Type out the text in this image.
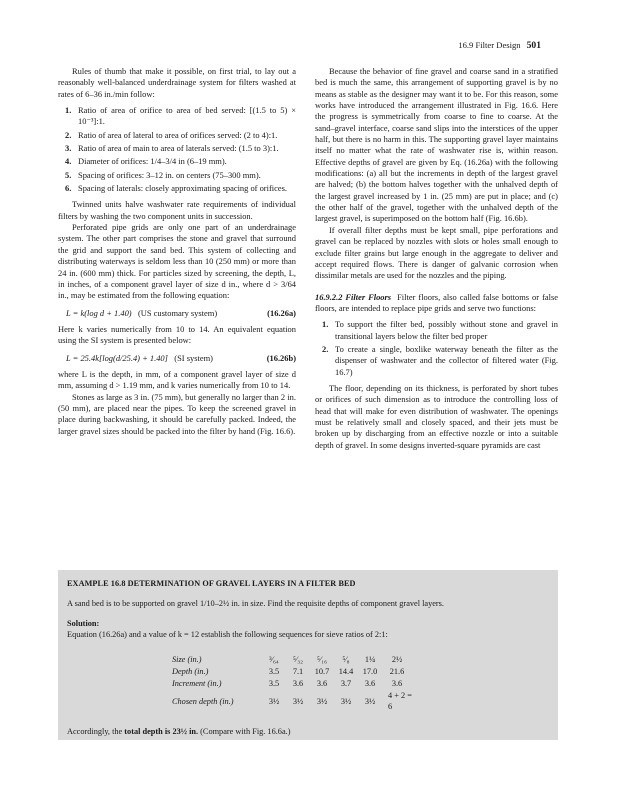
16.9 Filter Design 501

Rules of thumb that make it possible, on first trial, to lay out a reasonably well-balanced underdrainage system for filters washed at rates of 6–36 in./min follow:

1. Ratio of area of orifice to area of bed served: [(1.5 to 5) × 10⁻³]:1.
2. Ratio of area of lateral to area of orifices served: (2 to 4):1.
3. Ratio of area of main to area of laterals served: (1.5 to 3):1.
4. Diameter of orifices: 1/4–3/4 in (6–19 mm).
5. Spacing of orifices: 3–12 in. on centers (75–300 mm).
6. Spacing of laterals: closely approximating spacing of orifices.

Twinned units halve washwater rate requirements of individual filters by washing the two component units in succession.

Perforated pipe grids are only one part of an underdrainage system. The other part comprises the stone and gravel that surround the grid and support the sand bed. This system of collecting and distributing waterways is seldom less than 10 (250 mm) or more than 24 in. (600 mm) thick. For particles sized by screening, the depth, L, in inches, of a component gravel layer of size d in., where d > 3/64 in., may be estimated from the following equation:

L = k(log d + 1.40) (US customary system)	(16.26a)

Here k varies numerically from 10 to 14. An equivalent equation using the SI system is presented below:

L = 25.4k[log(d/25.4) + 1.40] (SI system)	(16.26b)

where L is the depth, in mm, of a component gravel layer of size d mm, assuming d > 1.19 mm, and k varies numerically from 10 to 14.

Stones as large as 3 in. (75 mm), but generally no larger than 2 in. (50 mm), are placed near the pipes. To keep the screened gravel in place during backwashing, it should be carefully packed. Indeed, the larger gravel sizes should be packed into the filter by hand (Fig. 16.6).

Because the behavior of fine gravel and coarse sand in a stratified bed is much the same, this arrangement of supporting gravel is by no means as stable as the designer may want it to be. For this reason, some works have introduced the arrangement illustrated in Fig. 16.6. Here the progress is symmetrically from coarse to fine to coarse. At the sand–gravel interface, coarse sand slips into the interstices of the upper half, but there is no harm in this. The supporting gravel layer maintains itself no matter what the rate of washwater rise is, within reason. Effective depths of gravel are given by Eq. (16.26a) with the following modifications: (a) all but the increments in depth of the largest gravel are halved; (b) the bottom halves together with the unhalved depth of the largest gravel increased by 1 in. (25 mm) are put in place; and (c) the other half of the gravel, together with the unhalved depth of the largest gravel, is superimposed on the bottom half (Fig. 16.6b).

If overall filter depths must be kept small, pipe perforations and gravel can be replaced by nozzles with slots or holes small enough to exclude filter grains but large enough in the aggregate to deliver and accept required flows. There is danger of galvanic corrosion when dissimilar metals are used for the nozzles and the piping.

16.9.2.2 Filter Floors Filter floors, also called false bottoms or false floors, are intended to replace pipe grids and serve two functions:

1. To support the filter bed, possibly without stone and gravel in transitional layers below the filter bed proper
2. To create a single, boxlike waterway beneath the filter as the dispenser of washwater and the collector of filtered water (Fig. 16.7)

The floor, depending on its thickness, is perforated by short tubes or orifices of such dimension as to introduce the controlling loss of head that will make for even distribution of washwater. The openings must be relatively small and closely spaced, and their jets must be broken up by discharging from an effective nozzle or into a suitable depth of gravel. In some designs inverted-square pyramids are cast

EXAMPLE 16.8 DETERMINATION OF GRAVEL LAYERS IN A FILTER BED

A sand bed is to be supported on gravel 1/10–2½ in. in size. Find the requisite depths of component gravel layers.

Solution:

Equation (16.26a) and a value of k = 12 establish the following sequences for sieve ratios of 2:1:

Size (in.)	³⁄₆₄	⁵⁄₃₂	⁵⁄₁₆	⁵⁄₈	1¼	2½
Depth (in.)	3.5	7.1	10.7	14.4	17.0	21.6
Increment (in.)	3.5	3.6	3.6	3.7	3.6	3.6
Chosen depth (in.)	3½	3½	3½	3½	3½	4 + 2 = 6

Accordingly, the total depth is 23½ in. (Compare with Fig. 16.6a.)
